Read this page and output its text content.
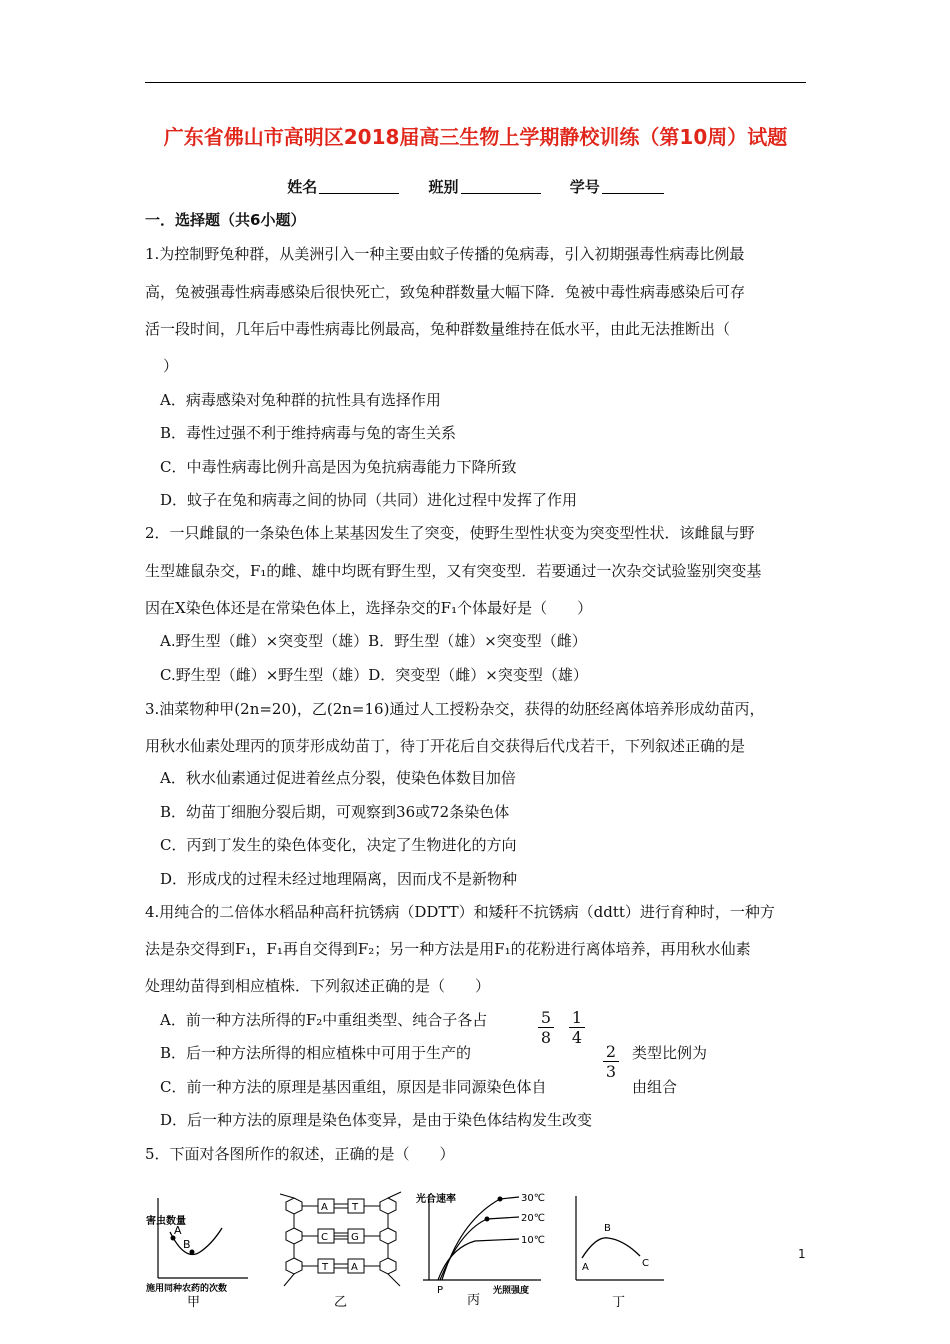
广东省佛山市高明区2018届高三生物上学期静校训练（第10周）试题
姓名	班别	学号
一．选择题（共6小题）
1.为控制野兔种群，从美洲引入一种主要由蚊子传播的兔病毒，引入初期强毒性病毒比例最
高，兔被强毒性病毒感染后很快死亡，致兔种群数量大幅下降．兔被中毒性病毒感染后可存
活一段时间，几年后中毒性病毒比例最高，兔种群数量维持在低水平，由此无法推断出（
）
A．病毒感染对兔种群的抗性具有选择作用
B．毒性过强不利于维持病毒与兔的寄生关系
C．中毒性病毒比例升高是因为兔抗病毒能力下降所致
D．蚊子在兔和病毒之间的协同（共同）进化过程中发挥了作用
2．一只雌鼠的一条染色体上某基因发生了突变，使野生型性状变为突变型性状．该雌鼠与野
生型雄鼠杂交，F₁的雌、雄中均既有野生型，又有突变型．若要通过一次杂交试验鉴别突变基
因在X染色体还是在常染色体上，选择杂交的F₁个体最好是（　　）
A.野生型（雌）×突变型（雄）B．野生型（雄）×突变型（雌）
C.野生型（雌）×野生型（雄）D．突变型（雌）×突变型（雄）
3.油菜物种甲(2n=20)，乙(2n=16)通过人工授粉杂交，获得的幼胚经离体培养形成幼苗丙，
用秋水仙素处理丙的顶芽形成幼苗丁，待丁开花后自交获得后代戊若干，下列叙述正确的是
A．秋水仙素通过促进着丝点分裂，使染色体数目加倍
B．幼苗丁细胞分裂后期，可观察到36或72条染色体
C．丙到丁发生的染色体变化，决定了生物进化的方向
D．形成戊的过程未经过地理隔离，因而戊不是新物种
4.用纯合的二倍体水稻品种高秆抗锈病（DDTT）和矮秆不抗锈病（ddtt）进行育种时，一种方
法是杂交得到F₁，F₁再自交得到F₂；另一种方法是用F₁的花粉进行离体培养，再用秋水仙素
处理幼苗得到相应植株．下列叙述正确的是（　　）
A．前一种方法所得的F₂中重组类型、纯合子各占
B．后一种方法所得的相应植株中可用于生产的	类型比例为
C．前一种方法的原理是基因重组，原因是非同源染色体自	由组合
D．后一种方法的原理是染色体变异，是由于染色体结构发生改变
$\frac{5}{8} \frac{1}{4}$
$\frac{2}{3}$
5．下面对各图所作的叙述，正确的是（　　）
害虫数量
A
B
施用同种农药的次数
甲
A T
C G
T A
乙
光合速率	30℃
20℃
10℃
P	光照强度
丙
A
B
C
丁
1
